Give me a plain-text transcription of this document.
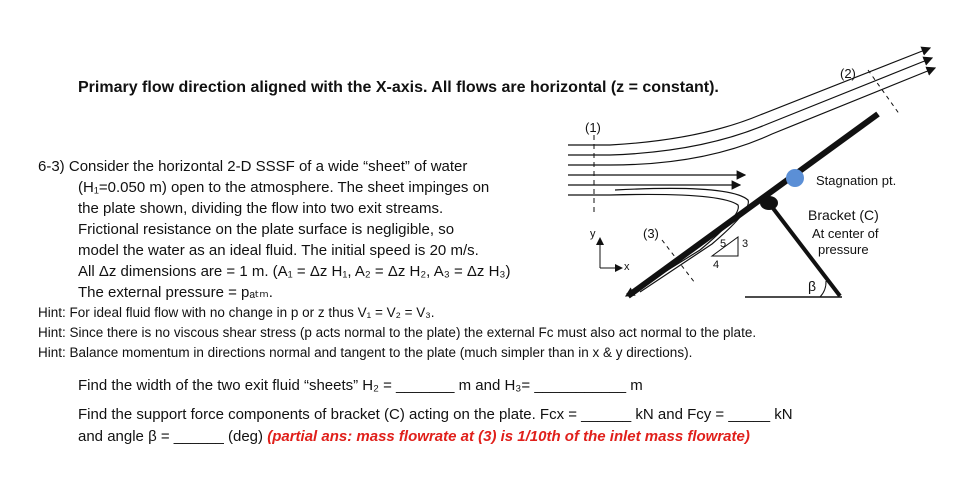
Primary flow direction aligned with the X-axis. All flows are horizontal (z = constant).
6-3) Consider the horizontal 2-D SSSF of a wide “sheet” of water
(H₁=0.050 m) open to the atmosphere. The sheet impinges on
the plate shown, dividing the flow into two exit streams.
Frictional resistance on the plate surface is negligible, so
model the water as an ideal fluid. The initial speed is 20 m/s.
All Δz dimensions are = 1 m. (A₁ = Δz H₁, A₂ = Δz H₂, A₃ = Δz H₃)
The external pressure = pₐₜₘ.
Hint: For ideal fluid flow with no change in p or z thus V₁ = V₂ = V₃.
Hint: Since there is no viscous shear stress (p acts normal to the plate) the external Fc must also act normal to the plate.
Hint: Balance momentum in directions normal and tangent to the plate (much simpler than in x & y directions).
Find the width of the two exit fluid “sheets” H₂ = _______ m and H₃= ___________ m
Find the support force components of bracket (C) acting on the plate. Fcx = ______ kN and Fcy = _____ kN
and angle β = ______ (deg) (partial ans: mass flowrate at (3) is 1/10th of the inlet mass flowrate)
(1)
(2)
(3)
Stagnation pt.
Bracket (C)
At center of
pressure
β
x
y
5 3
4
